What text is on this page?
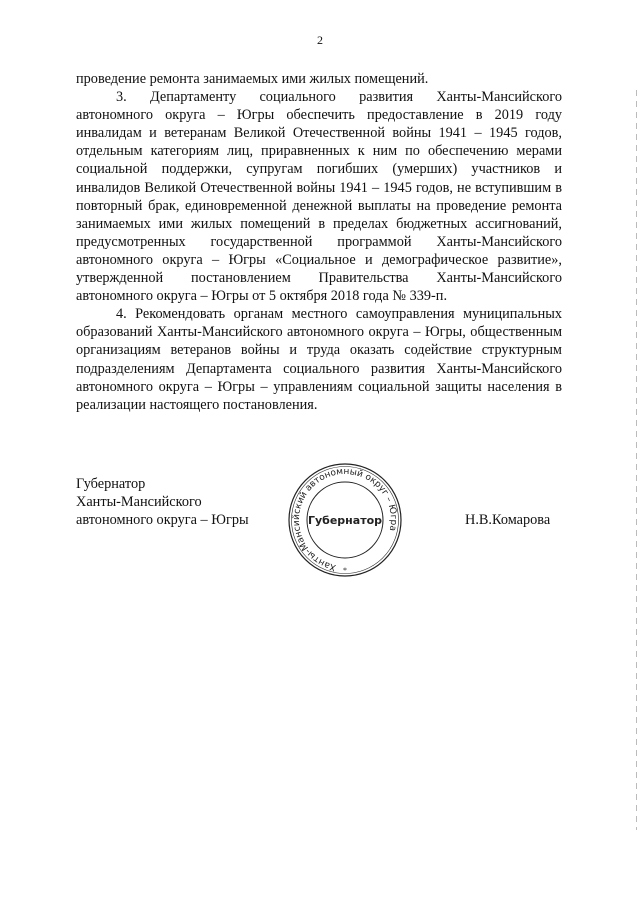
2

проведение ремонта занимаемых ими жилых помещений.

3. Департаменту социального развития Ханты-Мансийского автономного округа – Югры обеспечить предоставление в 2019 году инвалидам и ветеранам Великой Отечественной войны 1941 – 1945 годов, отдельным категориям лиц, приравненных к ним по обеспечению мерами социальной поддержки, супругам погибших (умерших) участников и инвалидов Великой Отечественной войны 1941 – 1945 годов, не вступившим в повторный брак, единовременной денежной выплаты на проведение ремонта занимаемых ими жилых помещений в пределах бюджетных ассигнований, предусмотренных государственной программой Ханты-Мансийского автономного округа – Югры «Социальное и демографическое развитие», утвержденной постановлением Правительства Ханты-Мансийского автономного округа – Югры от 5 октября 2018 года № 339-п.

4. Рекомендовать органам местного самоуправления муниципальных образований Ханты-Мансийского автономного округа – Югры, общественным организациям ветеранов войны и труда оказать содействие структурным подразделениям Департамента социального развития Ханты-Мансийского автономного округа – Югры – управлениям социальной защиты населения в реализации настоящего постановления.

Губернатор
Ханты-Мансийского
автономного округа – Югры
Ханты-Мансийский автономный округ – Югра
Губернатор
*
Н.В.Комарова
